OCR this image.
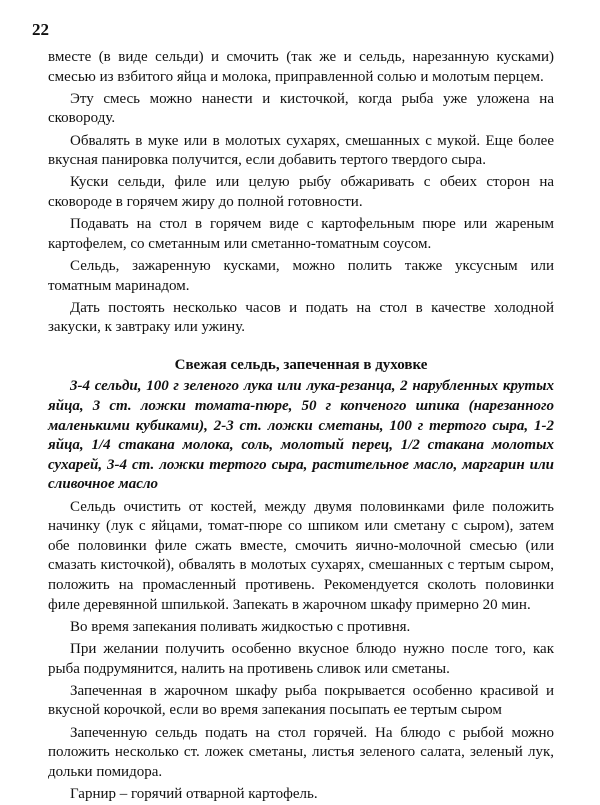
22

вместе (в виде сельди) и смочить (так же и сельдь, нарезанную кусками) смесью из взбитого яйца и молока, приправленной солью и молотым перцем.

Эту смесь можно нанести и кисточкой, когда рыба уже уложена на сковороду.

Обвалять в муке или в молотых сухарях, смешанных с мукой. Еще более вкусная панировка получится, если добавить тертого твердого сыра.

Куски сельди, филе или целую рыбу обжаривать с обеих сторон на сковороде в горячем жиру до полной готовности.

Подавать на стол в горячем виде с картофельным пюре или жареным картофелем, со сметанным или сметанно-томатным соусом.

Сельдь, зажаренную кусками, можно полить также уксусным или томатным маринадом.

Дать постоять несколько часов и подать на стол в качестве холодной закуски, к завтраку или ужину.

Свежая сельдь, запеченная в духовке

3-4 сельди, 100 г зеленого лука или лука-резанца, 2 нарубленных крутых яйца, 3 ст. ложки томата-пюре, 50 г копченого шпика (нарезанного маленькими кубиками), 2-3 ст. ложки сметаны, 100 г тертого сыра, 1-2 яйца, 1/4 стакана молока, соль, молотый перец, 1/2 стакана молотых сухарей, 3-4 ст. ложки тертого сыра, растительное масло, маргарин или сливочное масло

Сельдь очистить от костей, между двумя половинками филе положить начинку (лук с яйцами, томат-пюре со шпиком или сметану с сыром), затем обе половинки филе сжать вместе, смочить яично-молочной смесью (или смазать кисточкой), обвалять в молотых сухарях, смешанных с тертым сыром, положить на промасленный противень. Рекомендуется сколоть половинки филе деревянной шпилькой. Запекать в жарочном шкафу примерно 20 мин.

Во время запекания поливать жидкостью с противня.

При желании получить особенно вкусное блюдо нужно после того, как рыба подрумянится, налить на противень сливок или сметаны.

Запеченная в жарочном шкафу рыба покрывается особенно красивой и вкусной корочкой, если во время запекания посыпать ее тертым сыром

Запеченную сельдь подать на стол горячей. На блюдо с рыбой можно положить несколько ст. ложек сметаны, листья зеленого салата, зеленый лук, дольки помидора.

Гарнир – горячий отварной картофель.
